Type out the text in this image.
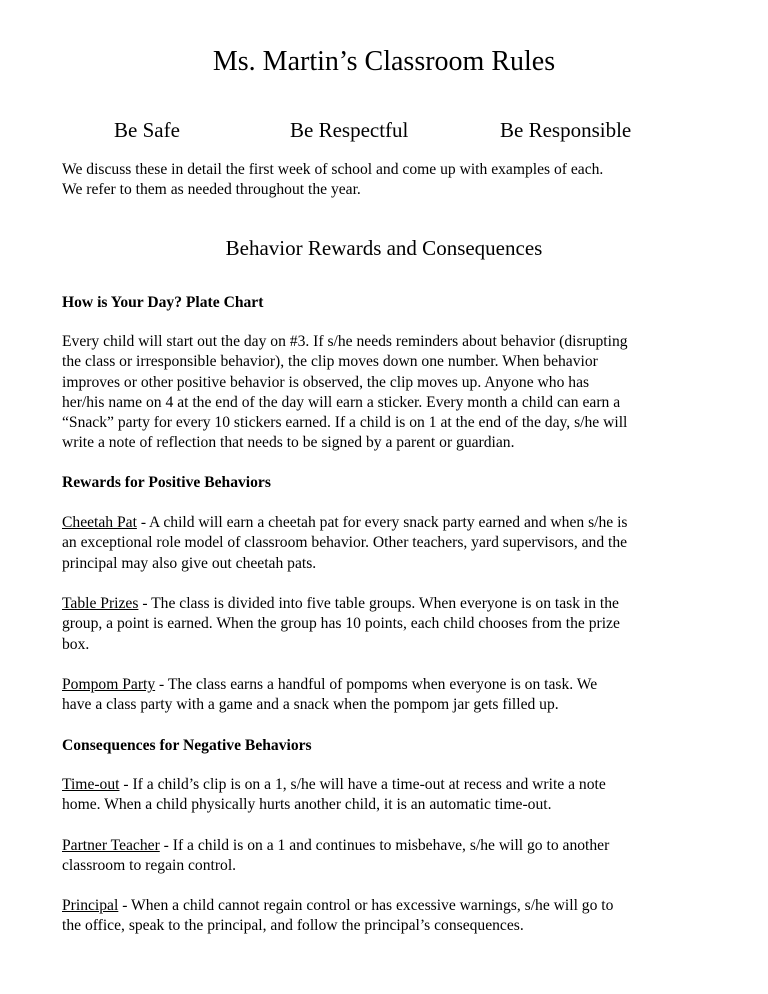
Ms. Martin’s Classroom Rules
Be Safe	Be Respectful	Be Responsible

We discuss these in detail the first week of school and come up with examples of each.
We refer to them as needed throughout the year.

Behavior Rewards and Consequences
How is Your Day? Plate Chart

Every child will start out the day on #3. If s/he needs reminders about behavior (disrupting
the class or irresponsible behavior), the clip moves down one number. When behavior
improves or other positive behavior is observed, the clip moves up. Anyone who has
her/his name on 4 at the end of the day will earn a sticker. Every month a child can earn a
“Snack” party for every 10 stickers earned. If a child is on 1 at the end of the day, s/he will
write a note of reflection that needs to be signed by a parent or guardian.

Rewards for Positive Behaviors

Cheetah Pat - A child will earn a cheetah pat for every snack party earned and when s/he is
an exceptional role model of classroom behavior. Other teachers, yard supervisors, and the
principal may also give out cheetah pats.

Table Prizes - The class is divided into five table groups. When everyone is on task in the
group, a point is earned. When the group has 10 points, each child chooses from the prize
box.

Pompom Party - The class earns a handful of pompoms when everyone is on task. We
have a class party with a game and a snack when the pompom jar gets filled up.

Consequences for Negative Behaviors

Time-out - If a child’s clip is on a 1, s/he will have a time-out at recess and write a note
home. When a child physically hurts another child, it is an automatic time-out.

Partner Teacher - If a child is on a 1 and continues to misbehave, s/he will go to another
classroom to regain control.

Principal - When a child cannot regain control or has excessive warnings, s/he will go to
the office, speak to the principal, and follow the principal’s consequences.
